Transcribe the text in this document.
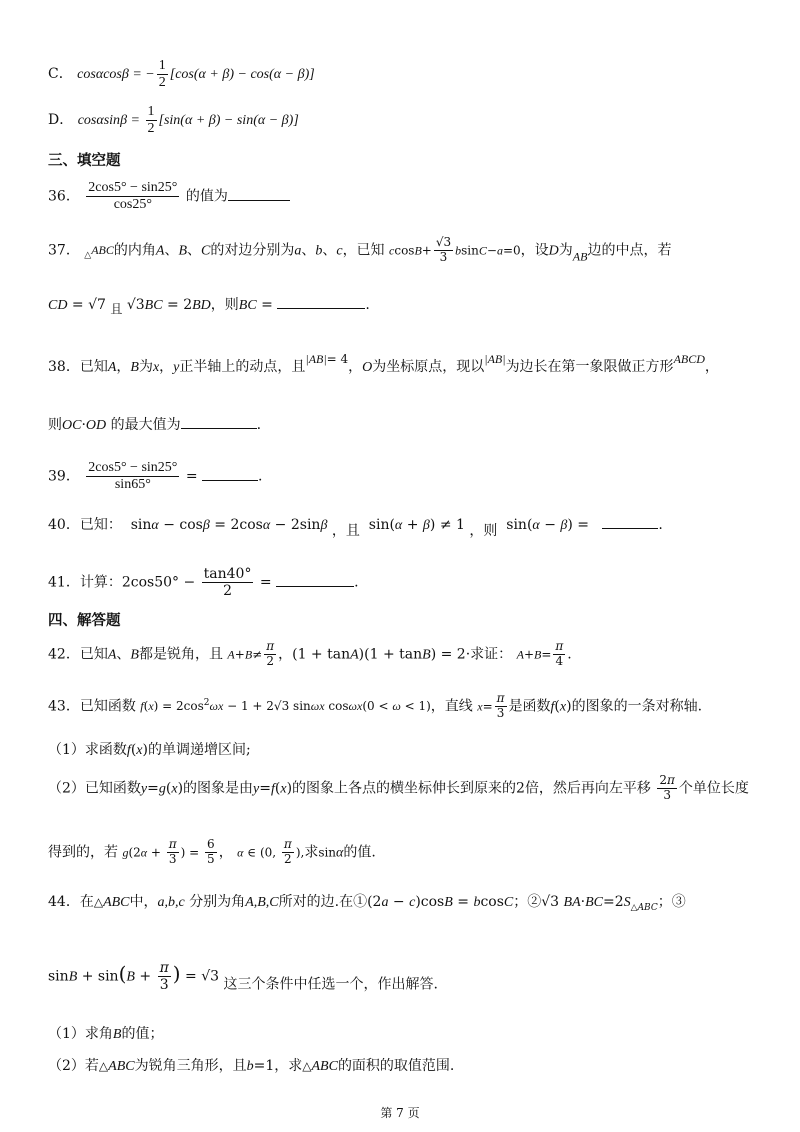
C． cosαcosβ = − $\frac{1}{2} [\cos(\alpha + \beta) - \cos(\alpha - \beta)]$
D． $\cos\alpha\sin\beta = \frac{1}{2} [\sin(\alpha + \beta) - \sin(\alpha - \beta)]$
三、填空题
36． $\frac{2\cos 5^\circ - \sin 25^\circ}{\cos 25^\circ}$ 的值为
37． $_\triangle$ABC的内角A、B、C的对边分别为a、b、c，已知 $ccosB+ \frac{√3}{3} bsinC-a=0$，设D为AB边的中点，若
CD = √7 且 √3BC = 2BD，则BC =	.
38．已知A，B为x，y正半轴上的动点，且|AB|= 4，O为坐标原点，现以|AB|为边长在第一象限做正方形ABCD，
则OC·OD 的最大值为	.
39． $\frac{2\cos 5^\circ - \sin 25^\circ}{\sin 65^\circ}$ =	.
40．已知：  sinα − cosβ = 2cosα − 2sinβ ，且  sin(α + β) ≠ 1 ，则  sin(α − β) =	.
41．计算：$2\cos 50^\circ - \frac{\tan 40^\circ}{2}$ =	.
四、解答题
42．已知A、B都是锐角，且 $A+B\ne \frac{\pi}{2}$ ，(1 + tanA)(1 + tanB) = 2·求证： $A+B= \frac{\pi}{4}$ .
43．已知函数 $f(x) = 2\cos^2\omega x - 1 + 2√3$ sinωx cosωx(0 < ω < 1)，直线 $x= \frac{\pi}{3}$ 是函数f(x)的图象的一条对称轴.
（1）求函数f(x)的单调递增区间;
（2）已知函数y=g(x)的图象是由y=f(x)的图象上各点的横坐标伸长到原来的2倍，然后再向左平移 $\frac{2\pi}{3}$ 个单位长度
得到的，若 $g(2\alpha + \frac{\pi}{3}$ ) = $\frac{6}{5}$ ， α ∈ (0, $\frac{\pi}{2}$ ),求sinα的值.
44．在△ABC中，a,b,c 分别为角A,B,C所对的边.在①(2a − c)cosB = bcosC；②√3 $BA\cdot BC=2S_{\triangle ABC}$；③
$\sin B + \sin(B + \frac{\pi}{3}$ ) = √3 这三个条件中任选一个，作出解答.
（1）求角B的值；
（2）若△ABC为锐角三角形，且b=1，求△ABC的面积的取值范围.
第 7 页
